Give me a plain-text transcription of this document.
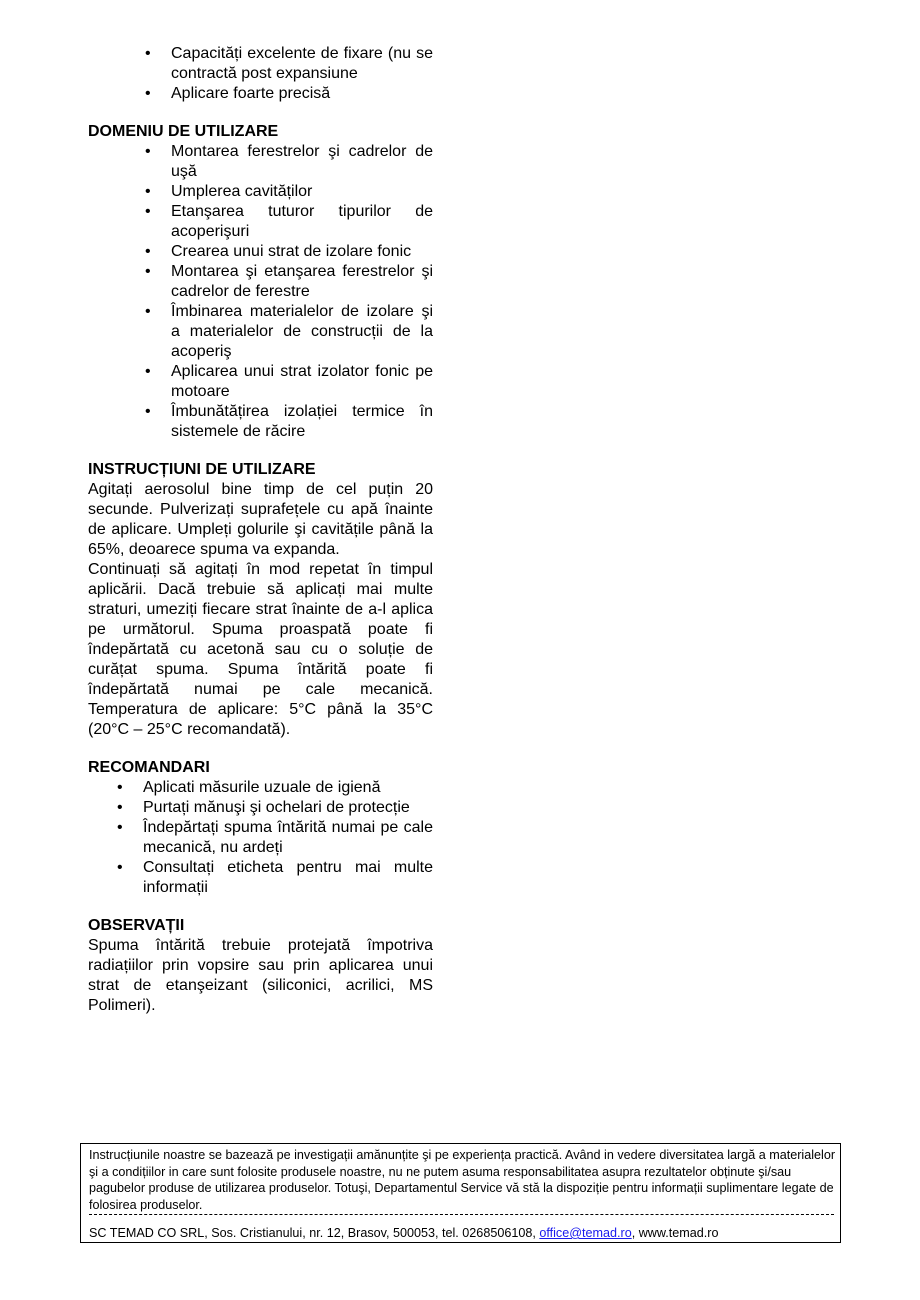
• Capacități excelente de fixare (nu se contractă post expansiune
• Aplicare foarte precisă
DOMENIU DE UTILIZARE
• Montarea ferestrelor şi cadrelor de uşă
• Umplerea cavităților
• Etanşarea tuturor tipurilor de acoperişuri
• Crearea unui strat de izolare fonic
• Montarea şi etanşarea ferestrelor şi cadrelor de ferestre
• Îmbinarea materialelor de izolare şi a materialelor de construcții de la acoperiş
• Aplicarea unui strat izolator fonic pe motoare
• Îmbunătățirea izolației termice în sistemele de răcire
INSTRUCȚIUNI DE UTILIZARE

Agitați aerosolul bine timp de cel puțin 20 secunde. Pulverizați suprafețele cu apă înainte de aplicare. Umpleți golurile şi cavitățile până la 65%, deoarece spuma va expanda.

Continuați să agitați în mod repetat în timpul aplicării. Dacă trebuie să aplicați mai multe straturi, umeziți fiecare strat înainte de a-l aplica pe următorul. Spuma proaspată poate fi îndepărtată cu acetonă sau cu o soluție de curățat spuma. Spuma întărită poate fi îndepărtată numai pe cale mecanică. Temperatura de aplicare: 5°C până la 35°C (20°C – 25°C recomandată).

RECOMANDARI
• Aplicati măsurile uzuale de igienă
• Purtați mănuşi şi ochelari de protecție
• Îndepărtați spuma întărită numai pe cale mecanică, nu ardeți
• Consultați eticheta pentru mai multe informații
OBSERVAȚII

Spuma întărită trebuie protejată împotriva radiațiilor prin vopsire sau prin aplicarea unui strat de etanşeizant (siliconici, acrilici, MS Polimeri).

Instrucțiunile noastre se bazează pe investigații amănunțite şi pe experiența practică. Având in vedere diversitatea largă a materialelor şi a condițiilor in care sunt folosite produsele noastre, nu ne putem asuma responsabilitatea asupra rezultatelor obținute şi/sau pagubelor produse de utilizarea produselor. Totuşi, Departamentul Service vă stă la dispoziție pentru informații suplimentare legate de folosirea produselor.
SC TEMAD CO SRL, Sos. Cristianului, nr. 12, Brasov, 500053, tel. 0268506108, office@temad.ro, www.temad.ro
